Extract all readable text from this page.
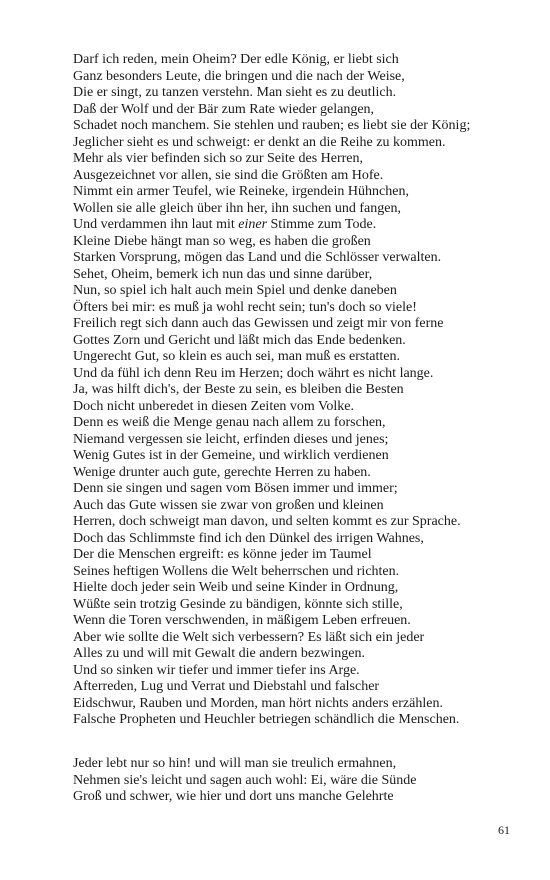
Darf ich reden, mein Oheim? Der edle König, er liebt sich
Ganz besonders Leute, die bringen und die nach der Weise,
Die er singt, zu tanzen verstehn. Man sieht es zu deutlich.
Daß der Wolf und der Bär zum Rate wieder gelangen,
Schadet noch manchem. Sie stehlen und rauben; es liebt sie der König;
Jeglicher sieht es und schweigt: er denkt an die Reihe zu kommen.
Mehr als vier befinden sich so zur Seite des Herren,
Ausgezeichnet vor allen, sie sind die Größten am Hofe.
Nimmt ein armer Teufel, wie Reineke, irgendein Hühnchen,
Wollen sie alle gleich über ihn her, ihn suchen und fangen,
Und verdammen ihn laut mit einer Stimme zum Tode.
Kleine Diebe hängt man so weg, es haben die großen
Starken Vorsprung, mögen das Land und die Schlösser verwalten.
Sehet, Oheim, bemerk ich nun das und sinne darüber,
Nun, so spiel ich halt auch mein Spiel und denke daneben
Öfters bei mir: es muß ja wohl recht sein; tun's doch so viele!
Freilich regt sich dann auch das Gewissen und zeigt mir von ferne
Gottes Zorn und Gericht und läßt mich das Ende bedenken.
Ungerecht Gut, so klein es auch sei, man muß es erstatten.
Und da fühl ich denn Reu im Herzen; doch währt es nicht lange.
Ja, was hilft dich's, der Beste zu sein, es bleiben die Besten
Doch nicht unberedet in diesen Zeiten vom Volke.
Denn es weiß die Menge genau nach allem zu forschen,
Niemand vergessen sie leicht, erfinden dieses und jenes;
Wenig Gutes ist in der Gemeine, und wirklich verdienen
Wenige drunter auch gute, gerechte Herren zu haben.
Denn sie singen und sagen vom Bösen immer und immer;
Auch das Gute wissen sie zwar von großen und kleinen
Herren, doch schweigt man davon, und selten kommt es zur Sprache.
Doch das Schlimmste find ich den Dünkel des irrigen Wahnes,
Der die Menschen ergreift: es könne jeder im Taumel
Seines heftigen Wollens die Welt beherrschen und richten.
Hielte doch jeder sein Weib und seine Kinder in Ordnung,
Wüßte sein trotzig Gesinde zu bändigen, könnte sich stille,
Wenn die Toren verschwenden, in mäßigem Leben erfreuen.
Aber wie sollte die Welt sich verbessern? Es läßt sich ein jeder
Alles zu und will mit Gewalt die andern bezwingen.
Und so sinken wir tiefer und immer tiefer ins Arge.
Afterreden, Lug und Verrat und Diebstahl und falscher
Eidschwur, Rauben und Morden, man hört nichts anders erzählen.
Falsche Propheten und Heuchler betriegen schändlich die Menschen.
Jeder lebt nur so hin! und will man sie treulich ermahnen,
Nehmen sie's leicht und sagen auch wohl: Ei, wäre die Sünde
Groß und schwer, wie hier und dort uns manche Gelehrte
61
